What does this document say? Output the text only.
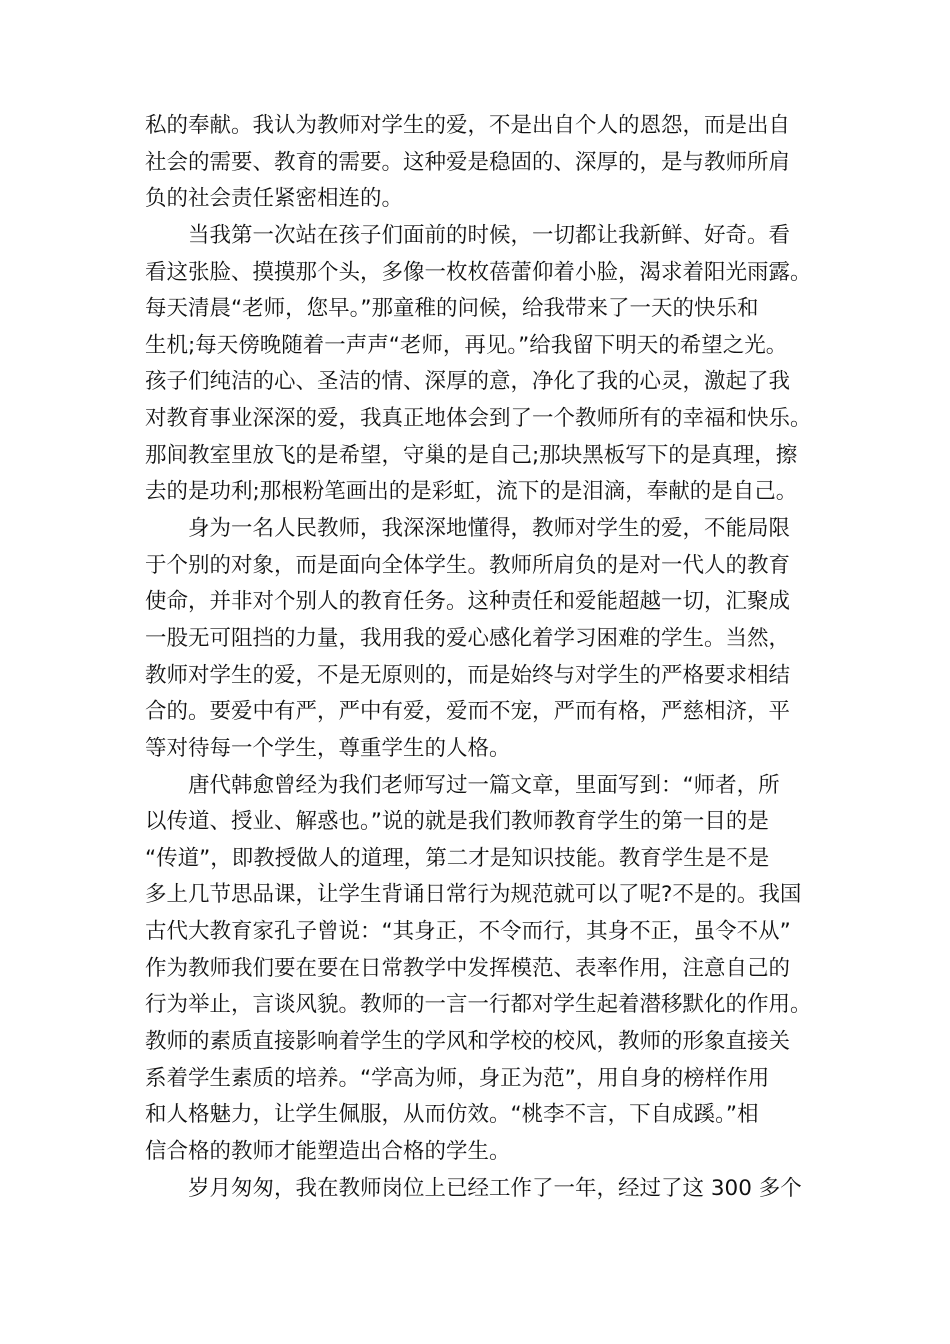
私的奉献。我认为教师对学生的爱，不是出自个人的恩怨，而是出自
社会的需要、教育的需要。这种爱是稳固的、深厚的，是与教师所肩
负的社会责任紧密相连的。
　　当我第一次站在孩子们面前的时候，一切都让我新鲜、好奇。看
看这张脸、摸摸那个头，多像一枚枚蓓蕾仰着小脸，渴求着阳光雨露。
每天清晨“老师，您早。”那童稚的问候，给我带来了一天的快乐和
生机;每天傍晚随着一声声“老师，再见。”给我留下明天的希望之光。
孩子们纯洁的心、圣洁的情、深厚的意，净化了我的心灵，激起了我
对教育事业深深的爱，我真正地体会到了一个教师所有的幸福和快乐。
那间教室里放飞的是希望，守巢的是自己;那块黑板写下的是真理，擦
去的是功利;那根粉笔画出的是彩虹，流下的是泪滴，奉献的是自己。
　　身为一名人民教师，我深深地懂得，教师对学生的爱，不能局限
于个别的对象，而是面向全体学生。教师所肩负的是对一代人的教育
使命，并非对个别人的教育任务。这种责任和爱能超越一切，汇聚成
一股无可阻挡的力量，我用我的爱心感化着学习困难的学生。当然，
教师对学生的爱，不是无原则的，而是始终与对学生的严格要求相结
合的。要爱中有严，严中有爱，爱而不宠，严而有格，严慈相济，平
等对待每一个学生，尊重学生的人格。
　　唐代韩愈曾经为我们老师写过一篇文章，里面写到：“师者，所
以传道、授业、解惑也。”说的就是我们教师教育学生的第一目的是
“传道”，即教授做人的道理，第二才是知识技能。教育学生是不是
多上几节思品课，让学生背诵日常行为规范就可以了呢?不是的。我国
古代大教育家孔子曾说：“其身正，不令而行，其身不正，虽令不从”
作为教师我们要在要在日常教学中发挥模范、表率作用，注意自己的
行为举止，言谈风貌。教师的一言一行都对学生起着潜移默化的作用。
教师的素质直接影响着学生的学风和学校的校风，教师的形象直接关
系着学生素质的培养。“学高为师，身正为范”，用自身的榜样作用
和人格魅力，让学生佩服，从而仿效。“桃李不言，下自成蹊。”相
信合格的教师才能塑造出合格的学生。
　　岁月匆匆，我在教师岗位上已经工作了一年，经过了这 300 多个
